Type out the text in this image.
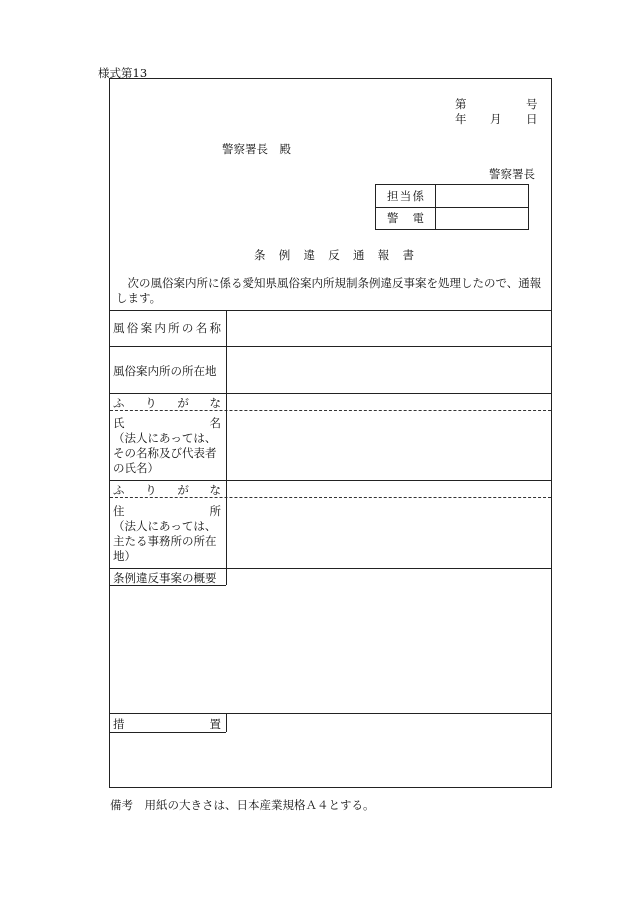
様式第13
第	号
年 月 日
警察署長　殿
警察署長
担 当 係
警 電
条 例 違 反 通 報 書
　次の風俗案内所に係る愛知県風俗案内所規制条例違反事案を処理したので、通報します。
風 俗 案 内 所 の 名 称
風俗案内所の所在地
ふ り が な
氏	名
（法人にあっては、その名称及び代表者の氏名）
ふ り が な
住	所
（法人にあっては、主たる事務所の所在地）
条例違反事案の概要
措	置
備考　用紙の大きさは、日本産業規格Ａ４とする。
